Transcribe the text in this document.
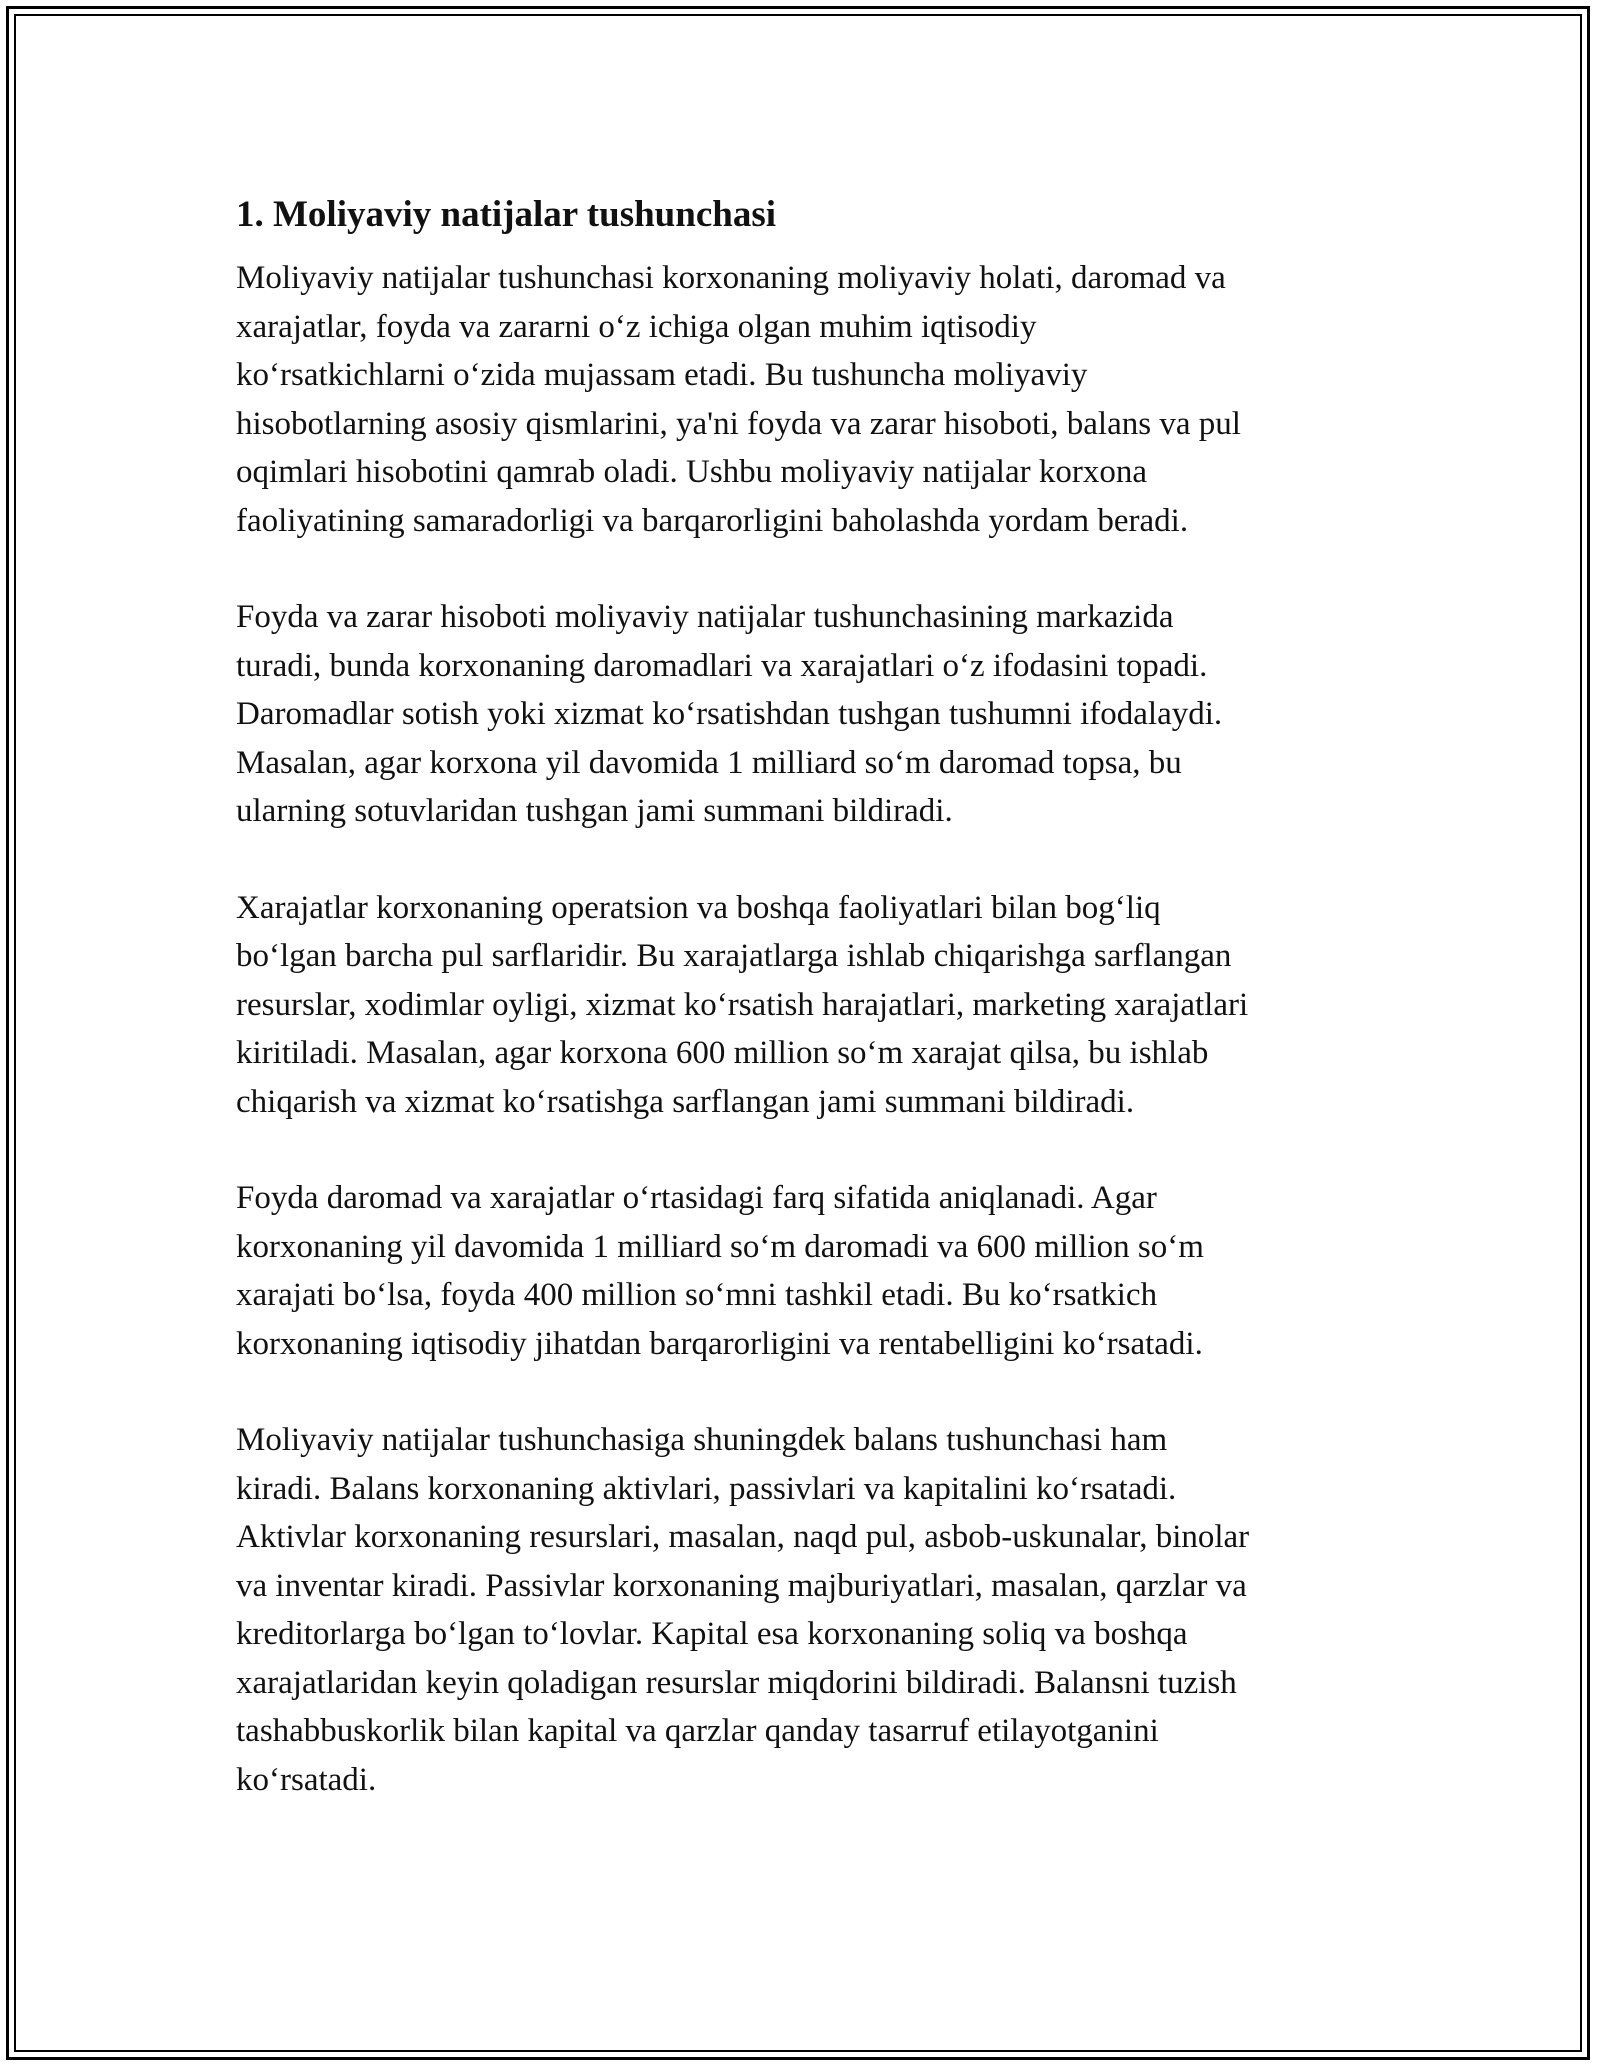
1. Moliyaviy natijalar tushunchasi
Moliyaviy natijalar tushunchasi korxonaning moliyaviy holati, daromad va
xarajatlar, foyda va zararni o‘z ichiga olgan muhim iqtisodiy
ko‘rsatkichlarni o‘zida mujassam etadi. Bu tushuncha moliyaviy
hisobotlarning asosiy qismlarini, ya'ni foyda va zarar hisoboti, balans va pul
oqimlari hisobotini qamrab oladi. Ushbu moliyaviy natijalar korxona
faoliyatining samaradorligi va barqarorligini baholashda yordam beradi.
Foyda va zarar hisoboti moliyaviy natijalar tushunchasining markazida
turadi, bunda korxonaning daromadlari va xarajatlari o‘z ifodasini topadi.
Daromadlar sotish yoki xizmat ko‘rsatishdan tushgan tushumni ifodalaydi.
Masalan, agar korxona yil davomida 1 milliard so‘m daromad topsa, bu
ularning sotuvlaridan tushgan jami summani bildiradi.
Xarajatlar korxonaning operatsion va boshqa faoliyatlari bilan bog‘liq
bo‘lgan barcha pul sarflaridir. Bu xarajatlarga ishlab chiqarishga sarflangan
resurslar, xodimlar oyligi, xizmat ko‘rsatish harajatlari, marketing xarajatlari
kiritiladi. Masalan, agar korxona 600 million so‘m xarajat qilsa, bu ishlab
chiqarish va xizmat ko‘rsatishga sarflangan jami summani bildiradi.
Foyda daromad va xarajatlar o‘rtasidagi farq sifatida aniqlanadi. Agar
korxonaning yil davomida 1 milliard so‘m daromadi va 600 million so‘m
xarajati bo‘lsa, foyda 400 million so‘mni tashkil etadi. Bu ko‘rsatkich
korxonaning iqtisodiy jihatdan barqarorligini va rentabelligini ko‘rsatadi.
Moliyaviy natijalar tushunchasiga shuningdek balans tushunchasi ham
kiradi. Balans korxonaning aktivlari, passivlari va kapitalini ko‘rsatadi.
Aktivlar korxonaning resurslari, masalan, naqd pul, asbob-uskunalar, binolar
va inventar kiradi. Passivlar korxonaning majburiyatlari, masalan, qarzlar va
kreditorlarga bo‘lgan to‘lovlar. Kapital esa korxonaning soliq va boshqa
xarajatlaridan keyin qoladigan resurslar miqdorini bildiradi. Balansni tuzish
tashabbuskorlik bilan kapital va qarzlar qanday tasarruf etilayotganini
ko‘rsatadi.
